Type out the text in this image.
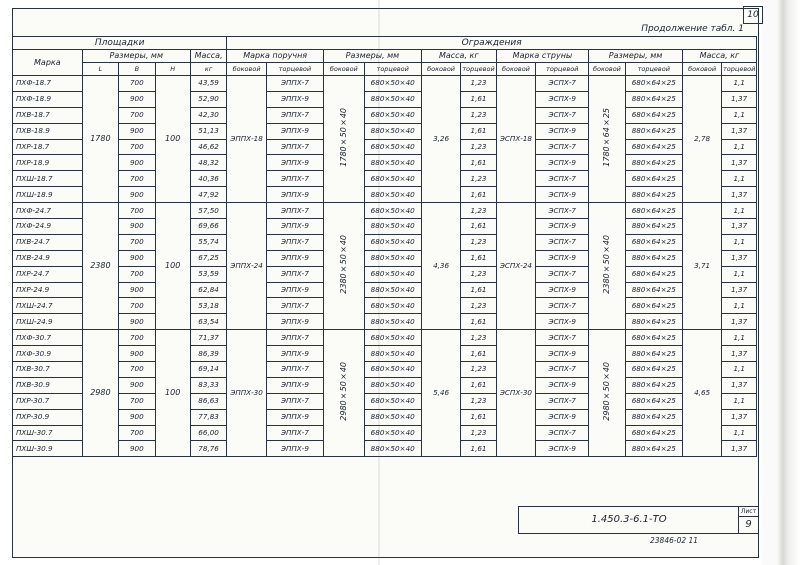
10
Продолжение табл. 1
Площадки					Ограждения											
Марка	Размеры, мм			Масса,	Марка поручня		Размеры, мм		Масса, кг		Марка струны		Размеры, мм		Масса, кг	
	L	B	H	кг	боковой	торцевой	боковой	торцевой	боковой	торцевой	боковой	торцевой	боковой	торцевой	боковой	торцевой
ПХФ-18.7	1780	700	100	43,59	ЭППХ-18	ЭППХ-7	1780×50×40	680×50×40	3,26	1,23	ЭСПХ-18	ЭСПХ-7	1780×64×25	680×64×25	2,78	1,1
ПХФ-18.9		900		52,90		ЭППХ-9		880×50×40		1,61		ЭСПХ-9		880×64×25		1,37
ПХВ-18.7		700		42,30		ЭППХ-7		680×50×40		1,23		ЭСПХ-7		680×64×25		1,1
ПХВ-18.9		900		51,13		ЭППХ-9		880×50×40		1,61		ЭСПХ-9		880×64×25		1,37
ПХР-18.7		700		46,62		ЭППХ-7		680×50×40		1,23		ЭСПХ-7		680×64×25		1,1
ПХР-18.9		900		48,32		ЭППХ-9		880×50×40		1,61		ЭСПХ-9		880×64×25		1,37
ПХШ-18.7		700		40,36		ЭППХ-7		680×50×40		1,23		ЭСПХ-7		680×64×25		1,1
ПХШ-18.9		900		47,92		ЭППХ-9		880×50×40		1,61		ЭСПХ-9		880×64×25		1,37
ПХФ-24.7	2380	700	100	57,50	ЭППХ-24	ЭППХ-7	2380×50×40	680×50×40	4,36	1,23	ЭСПХ-24	ЭСПХ-7	2380×50×40	680×64×25	3,71	1,1
ПХФ-24.9		900		69,66		ЭППХ-9		880×50×40		1,61		ЭСПХ-9		880×64×25		1,37
ПХВ-24.7		700		55,74		ЭППХ-7		680×50×40		1,23		ЭСПХ-7		680×64×25		1,1
ПХВ-24.9		900		67,25		ЭППХ-9		880×50×40		1,61		ЭСПХ-9		880×64×25		1,37
ПХР-24.7		700		53,59		ЭППХ-7		680×50×40		1,23		ЭСПХ-7		680×64×25		1,1
ПХР-24.9		900		62,84		ЭППХ-9		880×50×40		1,61		ЭСПХ-9		880×64×25		1,37
ПХШ-24.7		700		53,18		ЭППХ-7		680×50×40		1,23		ЭСПХ-7		680×64×25		1,1
ПХШ-24.9		900		63,54		ЭППХ-9		880×50×40		1,61		ЭСПХ-9		880×64×25		1,37
ПХФ-30.7	2980	700	100	71,37	ЭППХ-30	ЭППХ-7	2980×50×40	680×50×40	5,46	1,23	ЭСПХ-30	ЭСПХ-7	2980×50×40	680×64×25	4,65	1,1
ПХФ-30.9		900		86,39		ЭППХ-9		880×50×40		1,61		ЭСПХ-9		880×64×25		1,37
ПХВ-30.7		700		69,14		ЭППХ-7		680×50×40		1,23		ЭСПХ-7		680×64×25		1,1
ПХВ-30.9		900		83,33		ЭППХ-9		880×50×40		1,61		ЭСПХ-9		880×64×25		1,37
ПХР-30.7		700		86,63		ЭППХ-7		680×50×40		1,23		ЭСПХ-7		680×64×25		1,1
ПХР-30.9		900		77,83		ЭППХ-9		880×50×40		1,61		ЭСПХ-9		880×64×25		1,37
ПХШ-30.7		700		66,00		ЭППХ-7		680×50×40		1,23		ЭСПХ-7		680×64×25		1,1
ПХШ-30.9		900		78,76		ЭППХ-9		880×50×40		1,61		ЭСПХ-9		880×64×25		1,37
1.450.3-6.1-ТО
Лист
9
23846-02 11
